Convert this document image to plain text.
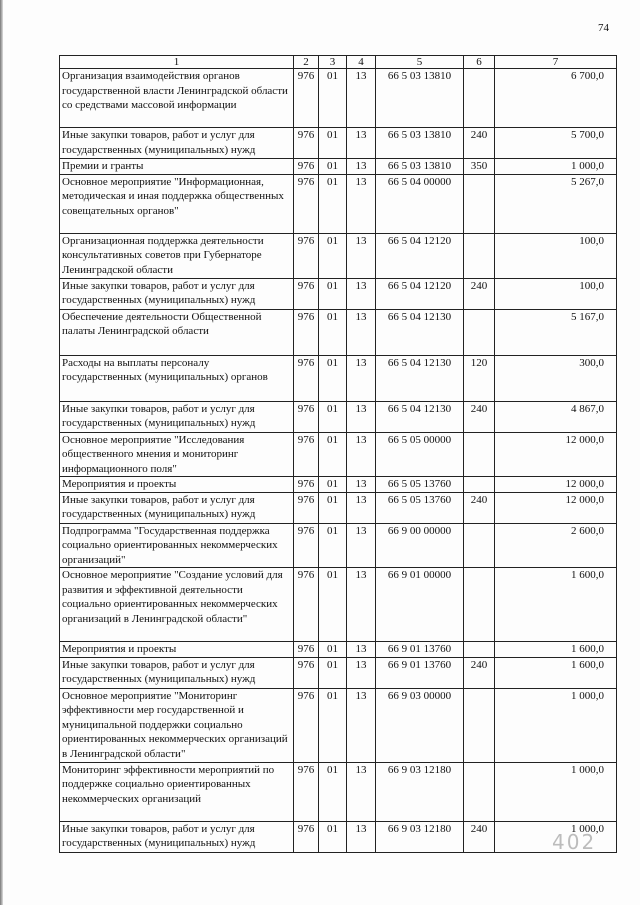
74
1	2	3	4	5	6	7
Организация взаимодействия органов государственной власти Ленинградской области со средствами массовой информации	976	01	13	66 5 03 13810		6 700,0
Иные закупки товаров, работ и услуг для государственных (муниципальных) нужд	976	01	13	66 5 03 13810	240	5 700,0
Премии и гранты	976	01	13	66 5 03 13810	350	1 000,0
Основное мероприятие "Информационная, методическая и иная поддержка общественных совещательных органов"	976	01	13	66 5 04 00000		5 267,0
Организационная поддержка деятельности консультативных советов при Губернаторе Ленинградской области	976	01	13	66 5 04 12120		100,0
Иные закупки товаров, работ и услуг для государственных (муниципальных) нужд	976	01	13	66 5 04 12120	240	100,0
Обеспечение деятельности Общественной палаты Ленинградской области	976	01	13	66 5 04 12130		5 167,0
Расходы на выплаты персоналу государственных (муниципальных) органов	976	01	13	66 5 04 12130	120	300,0
Иные закупки товаров, работ и услуг для государственных (муниципальных) нужд	976	01	13	66 5 04 12130	240	4 867,0
Основное мероприятие "Исследования общественного мнения и мониторинг информационного поля"	976	01	13	66 5 05 00000		12 000,0
Мероприятия и проекты	976	01	13	66 5 05 13760		12 000,0
Иные закупки товаров, работ и услуг для государственных (муниципальных) нужд	976	01	13	66 5 05 13760	240	12 000,0
Подпрограмма "Государственная поддержка социально ориентированных некоммерческих организаций"	976	01	13	66 9 00 00000		2 600,0
Основное мероприятие "Создание условий для развития и эффективной деятельности социально ориентированных некоммерческих организаций в Ленинградской области"	976	01	13	66 9 01 00000		1 600,0
Мероприятия и проекты	976	01	13	66 9 01 13760		1 600,0
Иные закупки товаров, работ и услуг для государственных (муниципальных) нужд	976	01	13	66 9 01 13760	240	1 600,0
Основное мероприятие "Мониторинг эффективности мер государственной и муниципальной поддержки социально ориентированных некоммерческих организаций в Ленинградской области"	976	01	13	66 9 03 00000		1 000,0
Мониторинг эффективности мероприятий по поддержке социально ориентированных некоммерческих организаций	976	01	13	66 9 03 12180		1 000,0
Иные закупки товаров, работ и услуг для государственных (муниципальных) нужд	976	01	13	66 9 03 12180	240	1 000,0
402
